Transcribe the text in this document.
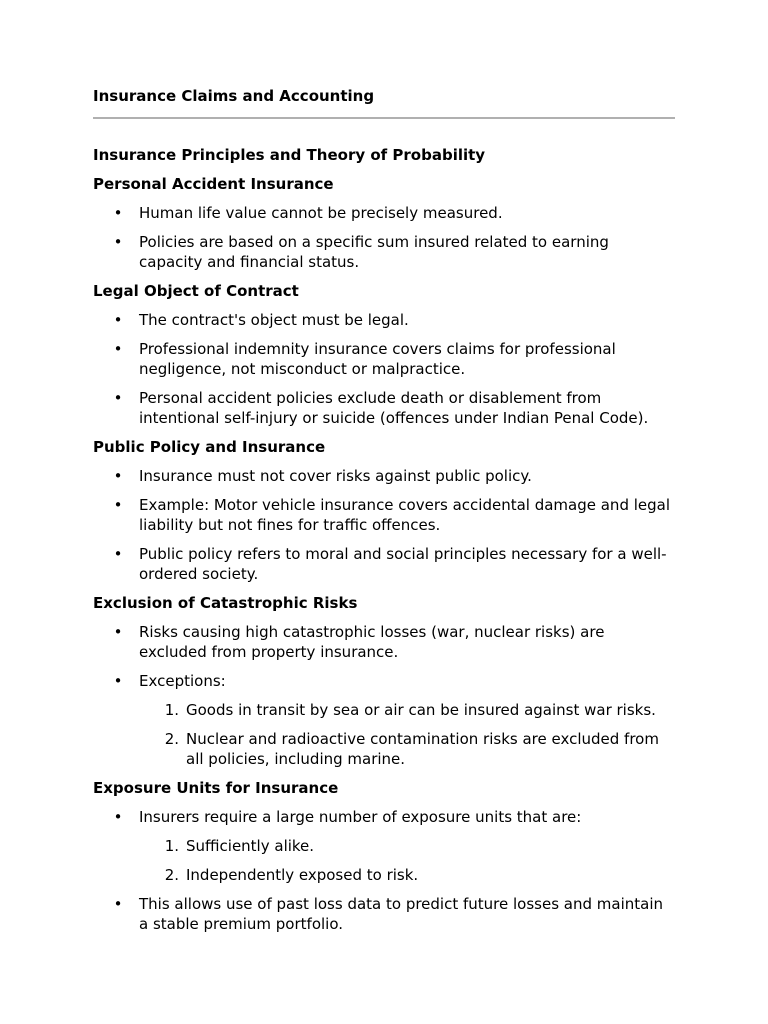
Insurance Claims and Accounting

Insurance Principles and Theory of Probability

Personal Accident Insurance

• Human life value cannot be precisely measured.
• Policies are based on a specific sum insured related to earning capacity and financial status.

Legal Object of Contract

• The contract's object must be legal.
• Professional indemnity insurance covers claims for professional negligence, not misconduct or malpractice.
• Personal accident policies exclude death or disablement from intentional self-injury or suicide (offences under Indian Penal Code).

Public Policy and Insurance

• Insurance must not cover risks against public policy.
• Example: Motor vehicle insurance covers accidental damage and legal liability but not fines for traffic offences.
• Public policy refers to moral and social principles necessary for a well-ordered society.

Exclusion of Catastrophic Risks

• Risks causing high catastrophic losses (war, nuclear risks) are excluded from property insurance.
• Exceptions:
1. Goods in transit by sea or air can be insured against war risks.
2. Nuclear and radioactive contamination risks are excluded from all policies, including marine.

Exposure Units for Insurance

• Insurers require a large number of exposure units that are:
1. Sufficiently alike.
2. Independently exposed to risk.
• This allows use of past loss data to predict future losses and maintain a stable premium portfolio.
